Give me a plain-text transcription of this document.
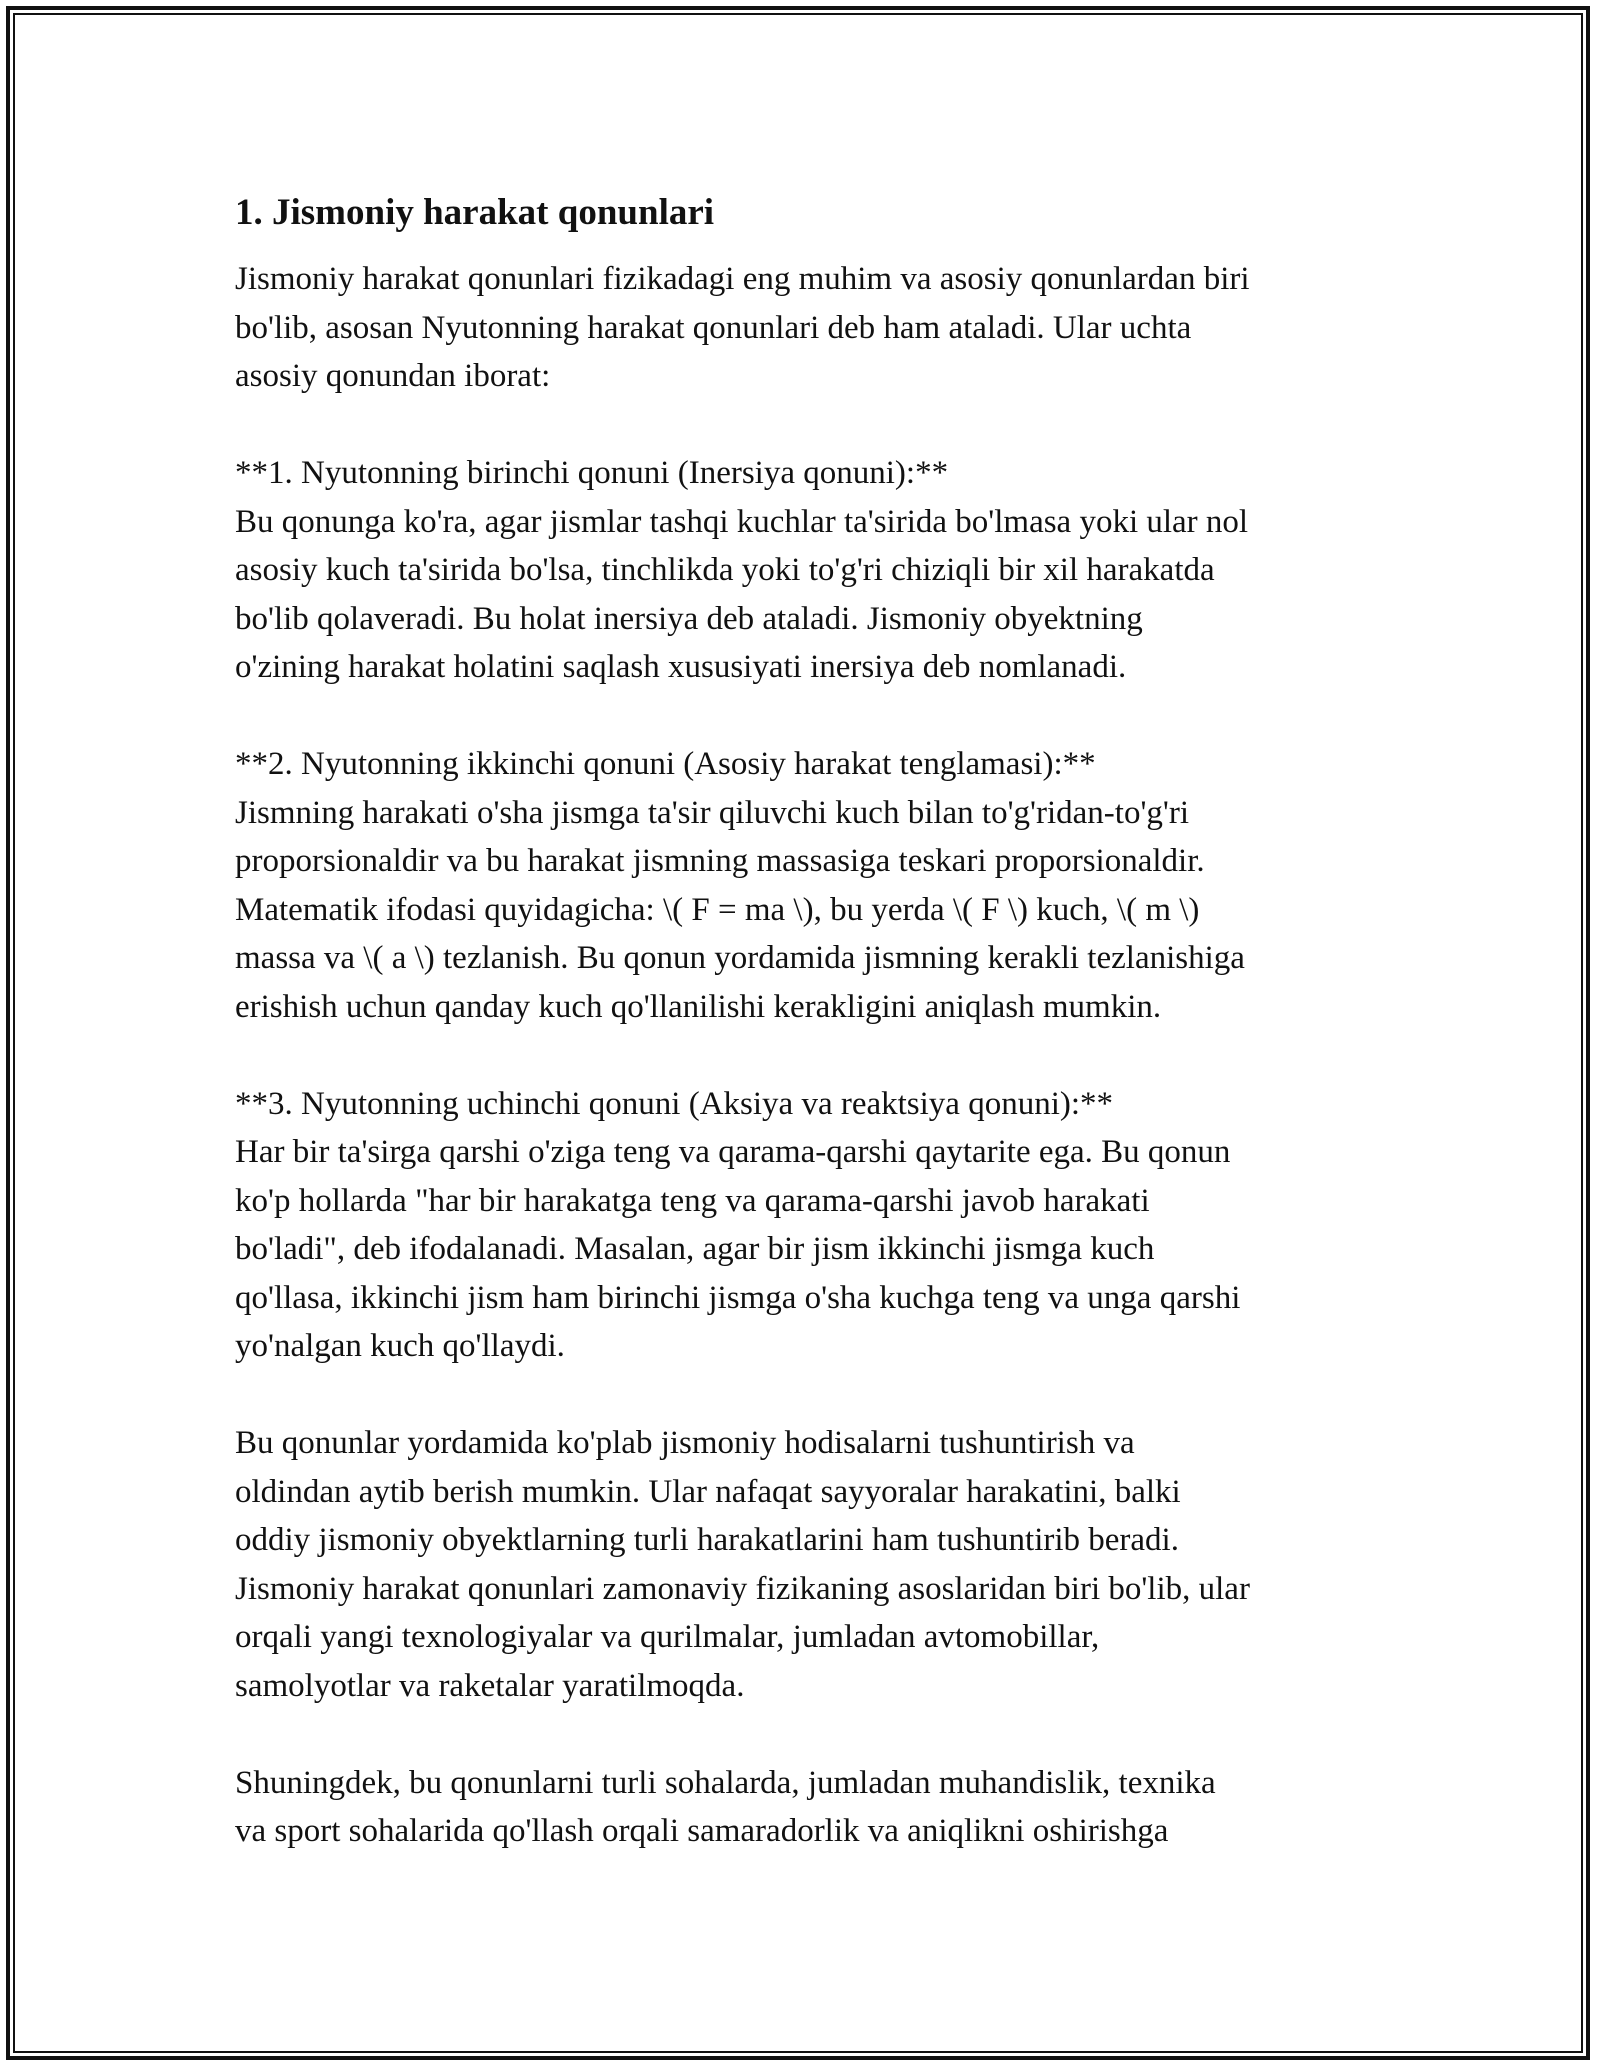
1. Jismoniy harakat qonunlari
Jismoniy harakat qonunlari fizikadagi eng muhim va asosiy qonunlardan biri
bo'lib, asosan Nyutonning harakat qonunlari deb ham ataladi. Ular uchta
asosiy qonundan iborat:
**1. Nyutonning birinchi qonuni (Inersiya qonuni):**
Bu qonunga ko'ra, agar jismlar tashqi kuchlar ta'sirida bo'lmasa yoki ular nol
asosiy kuch ta'sirida bo'lsa, tinchlikda yoki to'g'ri chiziqli bir xil harakatda
bo'lib qolaveradi. Bu holat inersiya deb ataladi. Jismoniy obyektning
o'zining harakat holatini saqlash xususiyati inersiya deb nomlanadi.
**2. Nyutonning ikkinchi qonuni (Asosiy harakat tenglamasi):**
Jismning harakati o'sha jismga ta'sir qiluvchi kuch bilan to'g'ridan-to'g'ri
proporsionaldir va bu harakat jismning massasiga teskari proporsionaldir.
Matematik ifodasi quyidagicha: \( F = ma \), bu yerda \( F \) kuch, \( m \)
massa va \( a \) tezlanish. Bu qonun yordamida jismning kerakli tezlanishiga
erishish uchun qanday kuch qo'llanilishi kerakligini aniqlash mumkin.
**3. Nyutonning uchinchi qonuni (Aksiya va reaktsiya qonuni):**
Har bir ta'sirga qarshi o'ziga teng va qarama-qarshi qaytarite ega. Bu qonun
ko'p hollarda "har bir harakatga teng va qarama-qarshi javob harakati
bo'ladi", deb ifodalanadi. Masalan, agar bir jism ikkinchi jismga kuch
qo'llasa, ikkinchi jism ham birinchi jismga o'sha kuchga teng va unga qarshi
yo'nalgan kuch qo'llaydi.
Bu qonunlar yordamida ko'plab jismoniy hodisalarni tushuntirish va
oldindan aytib berish mumkin. Ular nafaqat sayyoralar harakatini, balki
oddiy jismoniy obyektlarning turli harakatlarini ham tushuntirib beradi.
Jismoniy harakat qonunlari zamonaviy fizikaning asoslaridan biri bo'lib, ular
orqali yangi texnologiyalar va qurilmalar, jumladan avtomobillar,
samolyotlar va raketalar yaratilmoqda.
Shuningdek, bu qonunlarni turli sohalarda, jumladan muhandislik, texnika
va sport sohalarida qo'llash orqali samaradorlik va aniqlikni oshirishga
